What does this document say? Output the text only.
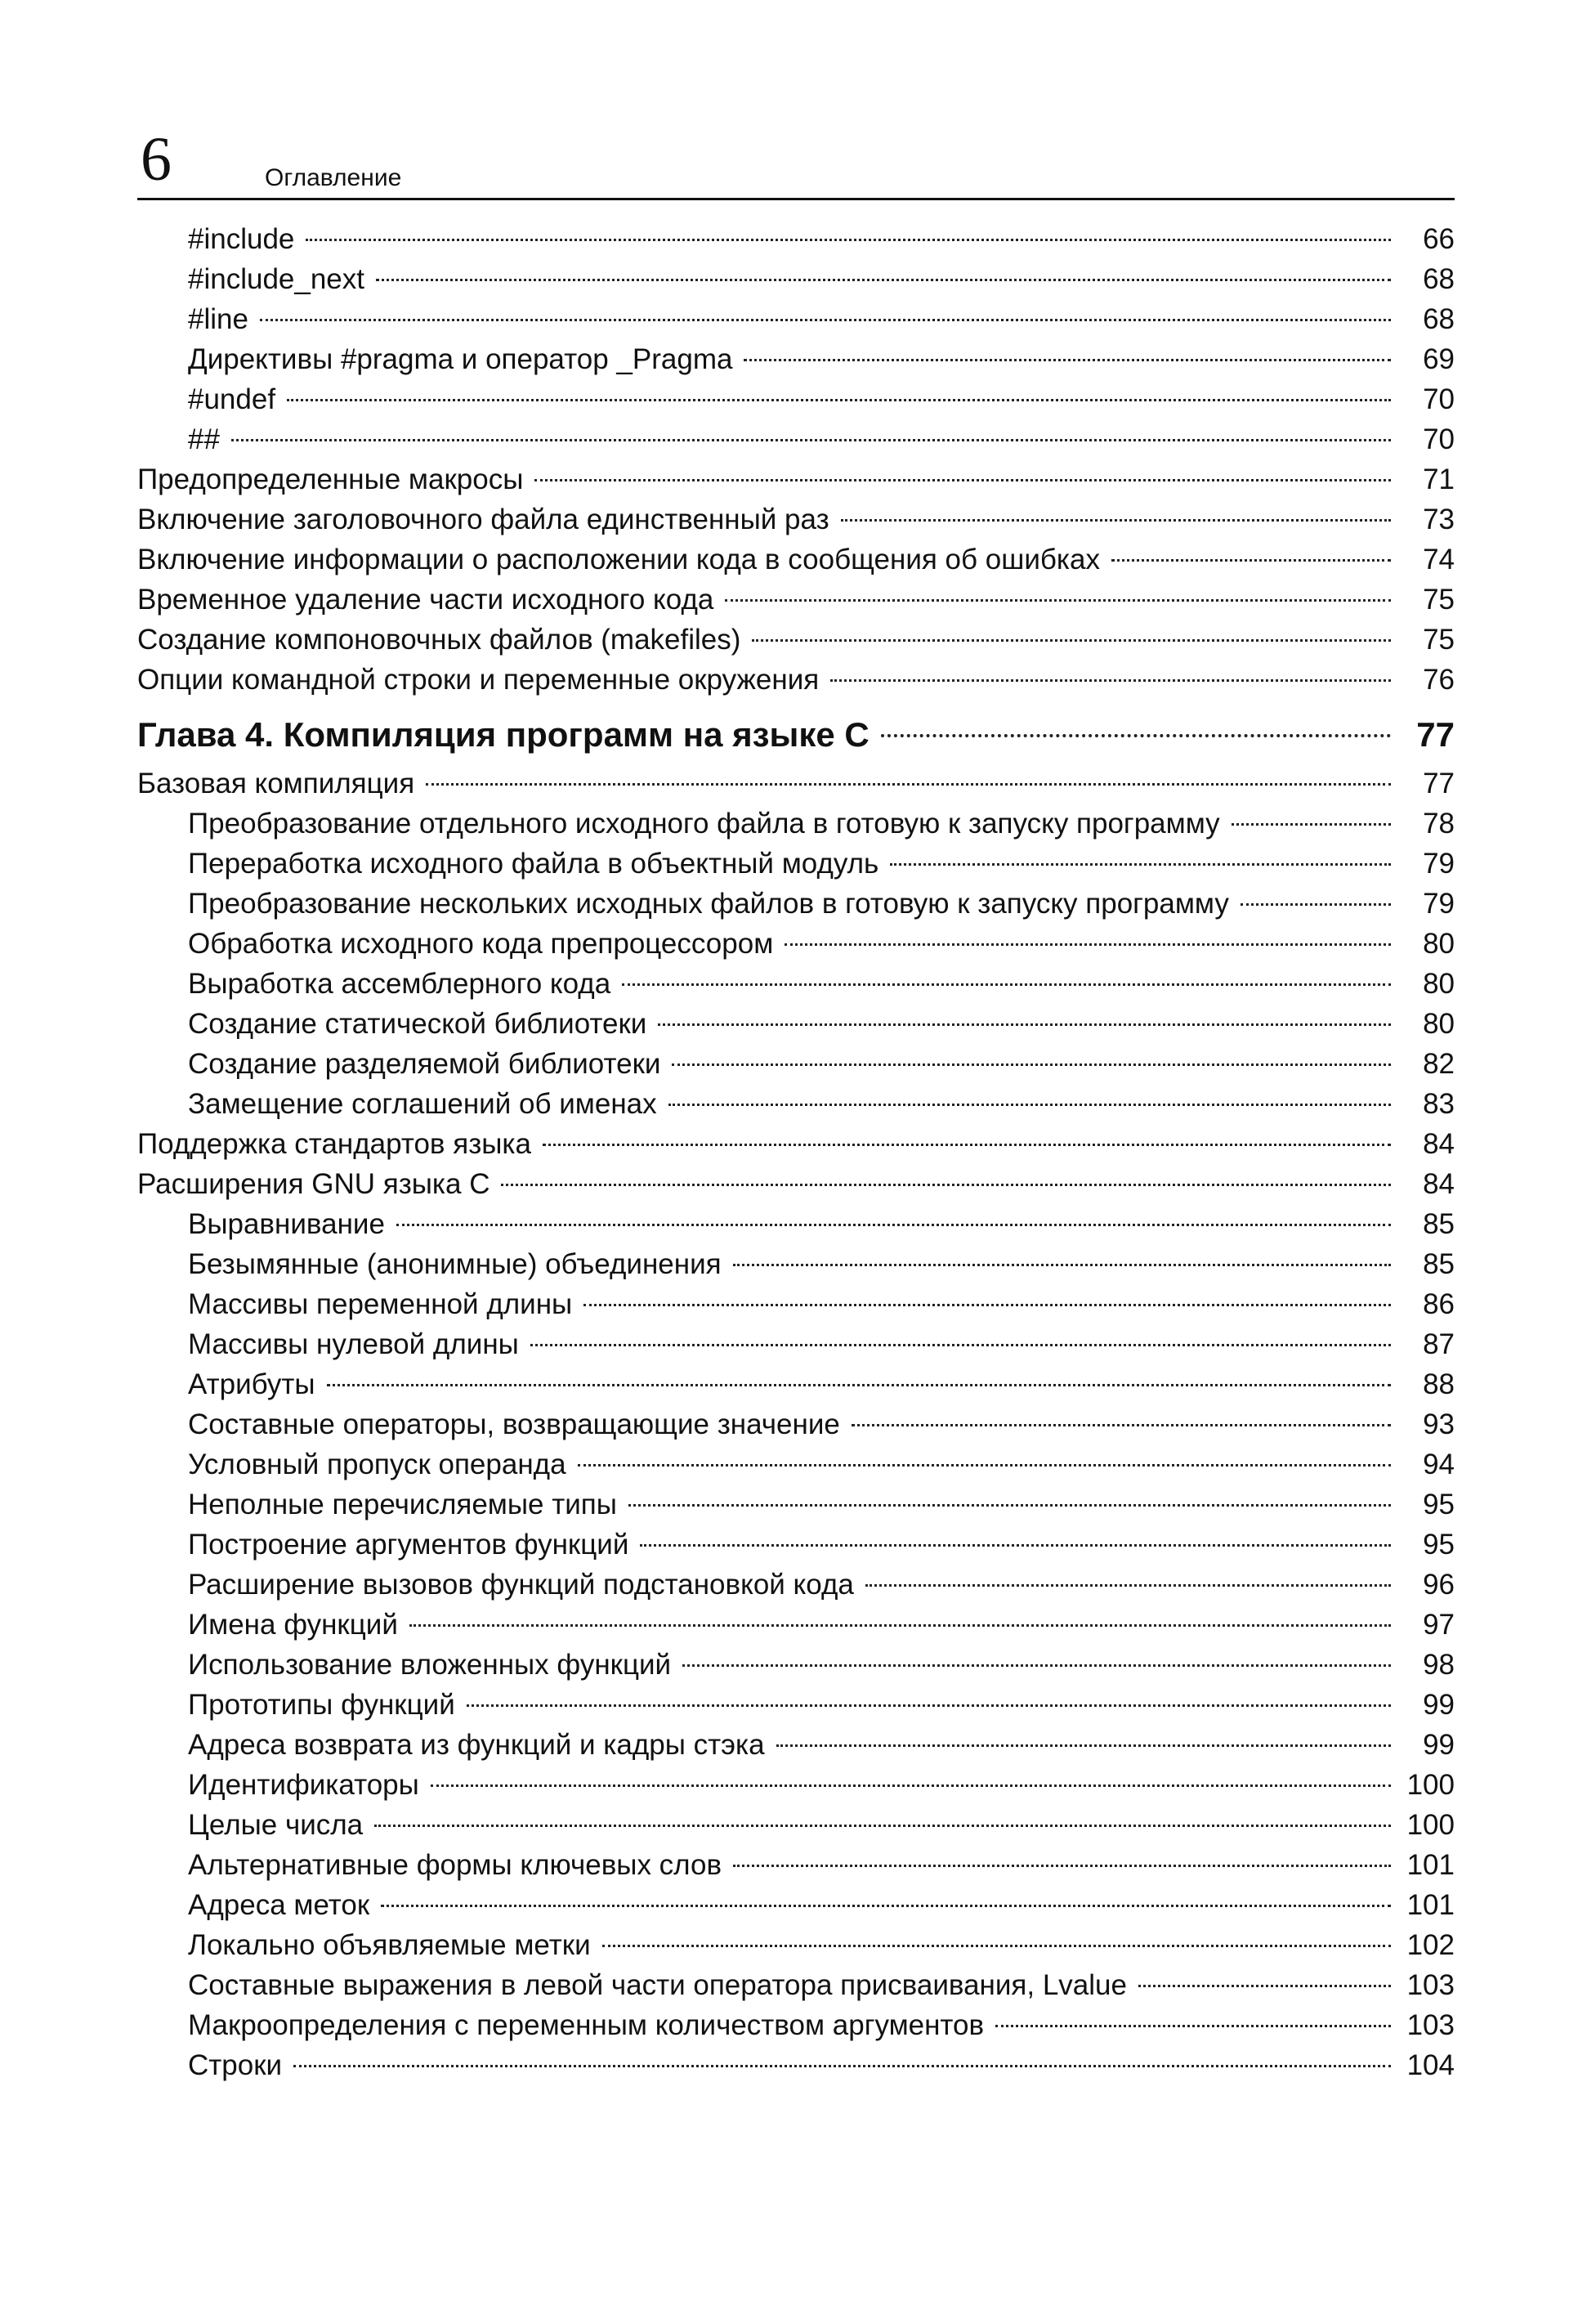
6	Оглавление
#include	66
#include_next	68
#line	68
Директивы #pragma и оператор _Pragma	69
#undef	70
##	70
Предопределенные макросы	71
Включение заголовочного файла единственный раз	73
Включение информации о расположении кода в сообщения об ошибках	74
Временное удаление части исходного кода	75
Создание компоновочных файлов (makefiles)	75
Опции командной строки и переменные окружения	76
Глава 4. Компиляция программ на языке С	77
Базовая компиляция	77
Преобразование отдельного исходного файла в готовую к запуску программу	78
Переработка исходного файла в объектный модуль	79
Преобразование нескольких исходных файлов в готовую к запуску программу	79
Обработка исходного кода препроцессором	80
Выработка ассемблерного кода	80
Создание статической библиотеки	80
Создание разделяемой библиотеки	82
Замещение соглашений об именах	83
Поддержка стандартов языка	84
Расширения GNU языка С	84
Выравнивание	85
Безымянные (анонимные) объединения	85
Массивы переменной длины	86
Массивы нулевой длины	87
Атрибуты	88
Составные операторы, возвращающие значение	93
Условный пропуск операнда	94
Неполные перечисляемые типы	95
Построение аргументов функций	95
Расширение вызовов функций подстановкой кода	96
Имена функций	97
Использование вложенных функций	98
Прототипы функций	99
Адреса возврата из функций и кадры стэка	99
Идентификаторы	100
Целые числа	100
Альтернативные формы ключевых слов	101
Адреса меток	101
Локально объявляемые метки	102
Составные выражения в левой части оператора присваивания, Lvalue	103
Макроопределения с переменным количеством аргументов	103
Строки	104
